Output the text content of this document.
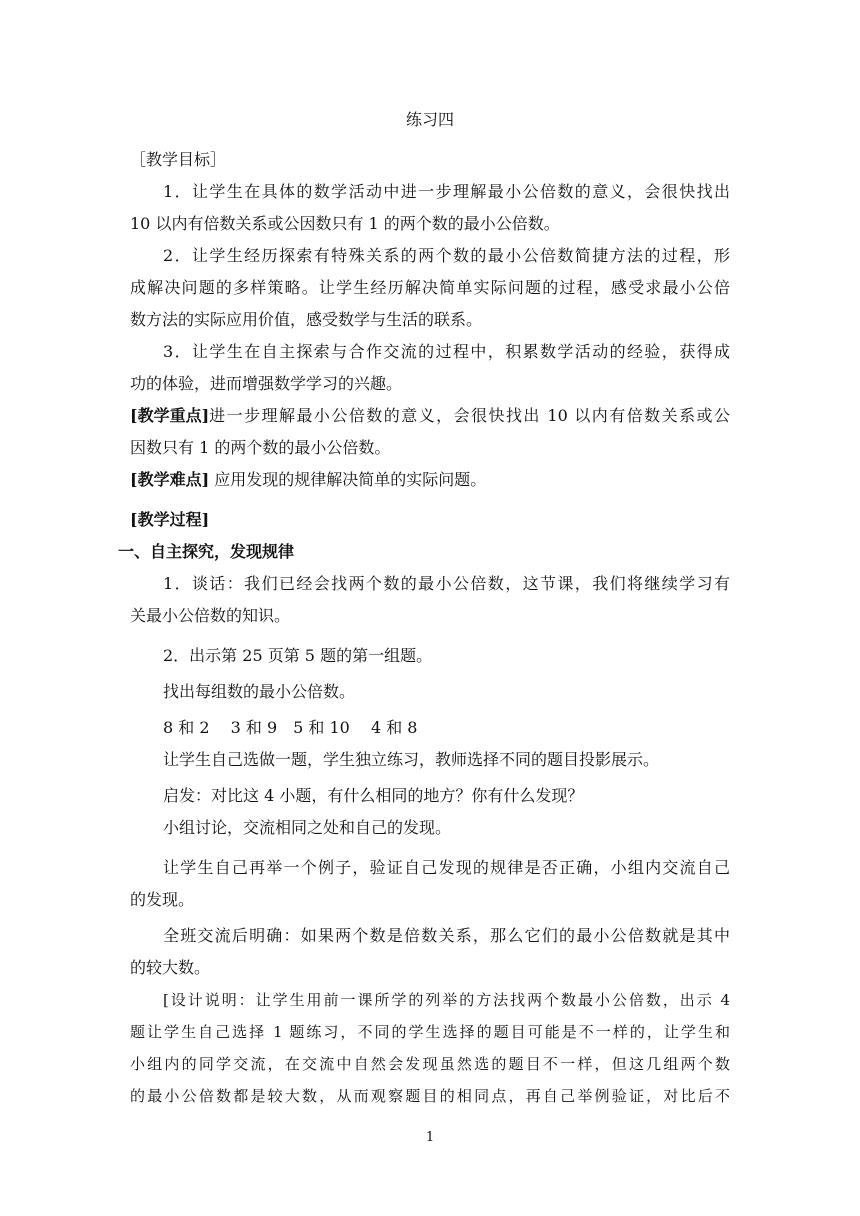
练习四
［教学目标］
1．让学生在具体的数学活动中进一步理解最小公倍数的意义，会很快找出
10 以内有倍数关系或公因数只有 1 的两个数的最小公倍数。
2．让学生经历探索有特殊关系的两个数的最小公倍数简捷方法的过程，形
成解决问题的多样策略。让学生经历解决简单实际问题的过程，感受求最小公倍
数方法的实际应用价值，感受数学与生活的联系。
3．让学生在自主探索与合作交流的过程中，积累数学活动的经验，获得成
功的体验，进而增强数学学习的兴趣。
[教学重点] 进一步理解最小公倍数的意义，会很快找出 10 以内有倍数关系或公
因数只有 1 的两个数的最小公倍数。
[教学难点] 应用发现的规律解决简单的实际问题。
[教学过程]
一、自主探究，发现规律
1．谈话：我们已经会找两个数的最小公倍数，这节课，我们将继续学习有
关最小公倍数的知识。
2．出示第 25 页第 5 题的第一组题。
找出每组数的最小公倍数。
8 和 2　 3 和 9　5 和 10　 4 和 8
让学生自己选做一题，学生独立练习，教师选择不同的题目投影展示。
启发：对比这 4 小题，有什么相同的地方？你有什么发现？
小组讨论，交流相同之处和自己的发现。
让学生自己再举一个例子，验证自己发现的规律是否正确，小组内交流自己
的发现。
全班交流后明确：如果两个数是倍数关系，那么它们的最小公倍数就是其中
的较大数。
[设计说明：让学生用前一课所学的列举的方法找两个数最小公倍数，出示 4
题让学生自己选择 1 题练习，不同的学生选择的题目可能是不一样的，让学生和
小组内的同学交流，在交流中自然会发现虽然选的题目不一样，但这几组两个数
的最小公倍数都是较大数，从而观察题目的相同点，再自己举例验证，对比后不
1
